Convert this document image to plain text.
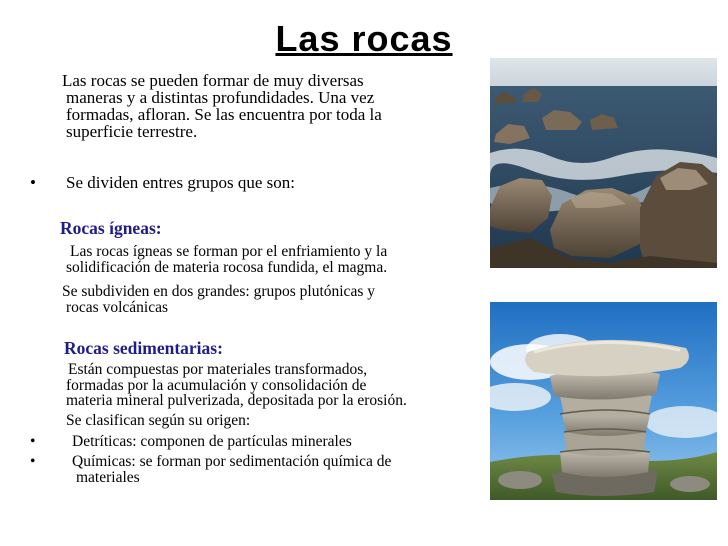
Las rocas
Las rocas se pueden formar de muy diversas
maneras y a distintas profundidades. Una vez
formadas, afloran. Se las encuentra por toda la
superficie terrestre.
• Se dividen entres grupos que son:
Rocas ígneas:
Las rocas ígneas se forman por el enfriamiento y la
solidificación de materia rocosa fundida, el magma.
Se subdividen en dos grandes: grupos plutónicas y
rocas volcánicas
Rocas sedimentarias:
Están compuestas por materiales transformados,
formadas por la acumulación y consolidación de
materia mineral pulverizada, depositada por la erosión.
Se clasifican según su origen:
• Detríticas: componen de partículas minerales
• Químicas: se forman por sedimentación química de
materiales
